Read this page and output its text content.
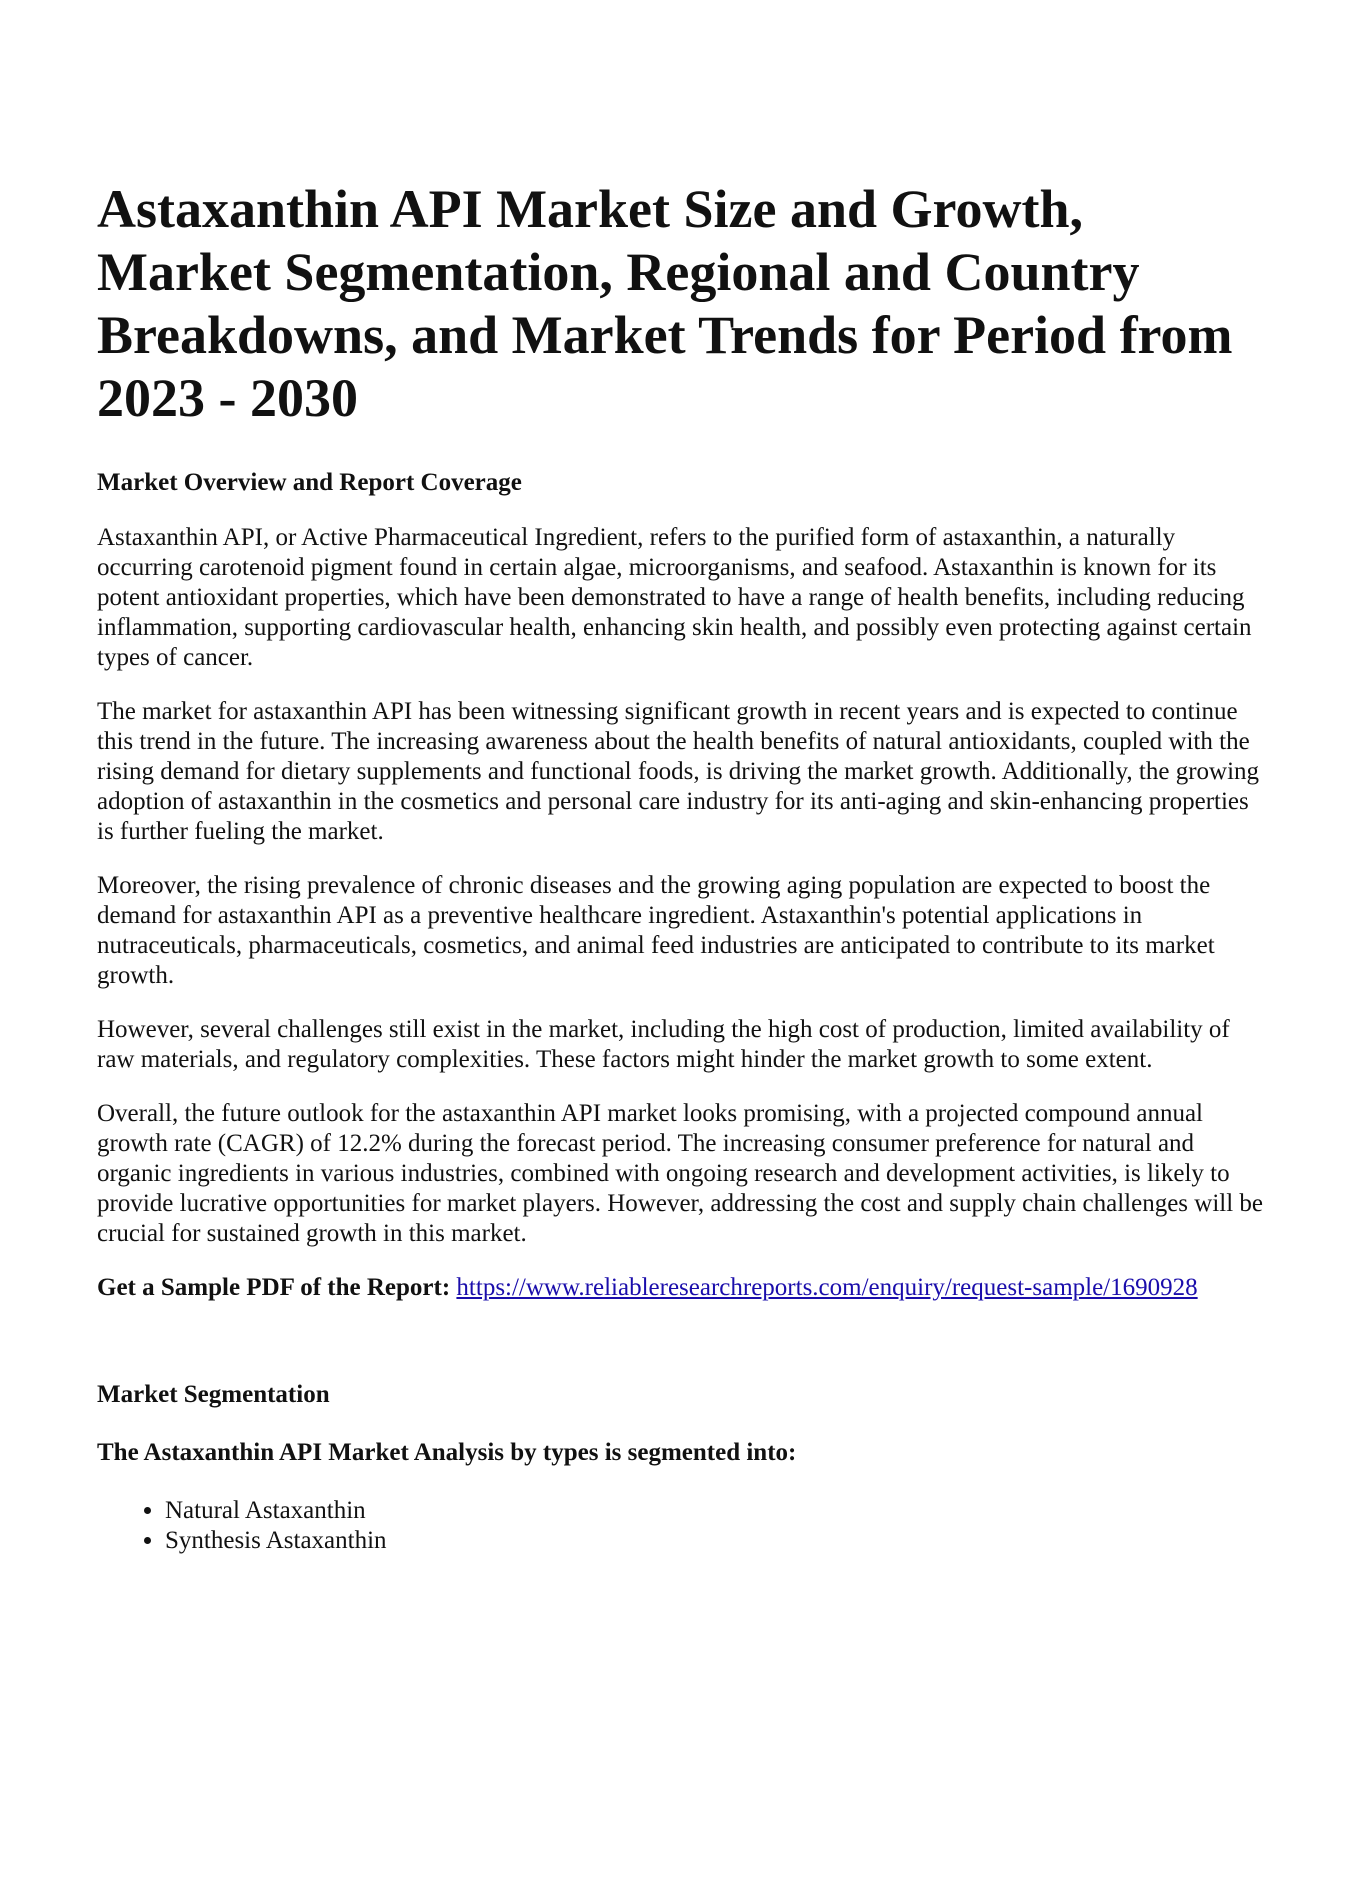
Astaxanthin API Market Size and Growth, Market Segmentation, Regional and Country Breakdowns, and Market Trends for Period from 2023 - 2030
Market Overview and Report Coverage

Astaxanthin API, or Active Pharmaceutical Ingredient, refers to the purified form of astaxanthin, a naturally occurring carotenoid pigment found in certain algae, microorganisms, and seafood. Astaxanthin is known for its potent antioxidant properties, which have been demonstrated to have a range of health benefits, including reducing inflammation, supporting cardiovascular health, enhancing skin health, and possibly even protecting against certain types of cancer.

The market for astaxanthin API has been witnessing significant growth in recent years and is expected to continue this trend in the future. The increasing awareness about the health benefits of natural antioxidants, coupled with the rising demand for dietary supplements and functional foods, is driving the market growth. Additionally, the growing adoption of astaxanthin in the cosmetics and personal care industry for its anti-aging and skin-enhancing properties is further fueling the market.

Moreover, the rising prevalence of chronic diseases and the growing aging population are expected to boost the demand for astaxanthin API as a preventive healthcare ingredient. Astaxanthin's potential applications in nutraceuticals, pharmaceuticals, cosmetics, and animal feed industries are anticipated to contribute to its market growth.

However, several challenges still exist in the market, including the high cost of production, limited availability of raw materials, and regulatory complexities. These factors might hinder the market growth to some extent.

Overall, the future outlook for the astaxanthin API market looks promising, with a projected compound annual growth rate (CAGR) of 12.2% during the forecast period. The increasing consumer preference for natural and organic ingredients in various industries, combined with ongoing research and development activities, is likely to provide lucrative opportunities for market players. However, addressing the cost and supply chain challenges will be crucial for sustained growth in this market.

Get a Sample PDF of the Report: https://www.reliableresearchreports.com/enquiry/request-sample/1690928

Market Segmentation
The Astaxanthin API Market Analysis by types is segmented into:
• Natural Astaxanthin
• Synthesis Astaxanthin
